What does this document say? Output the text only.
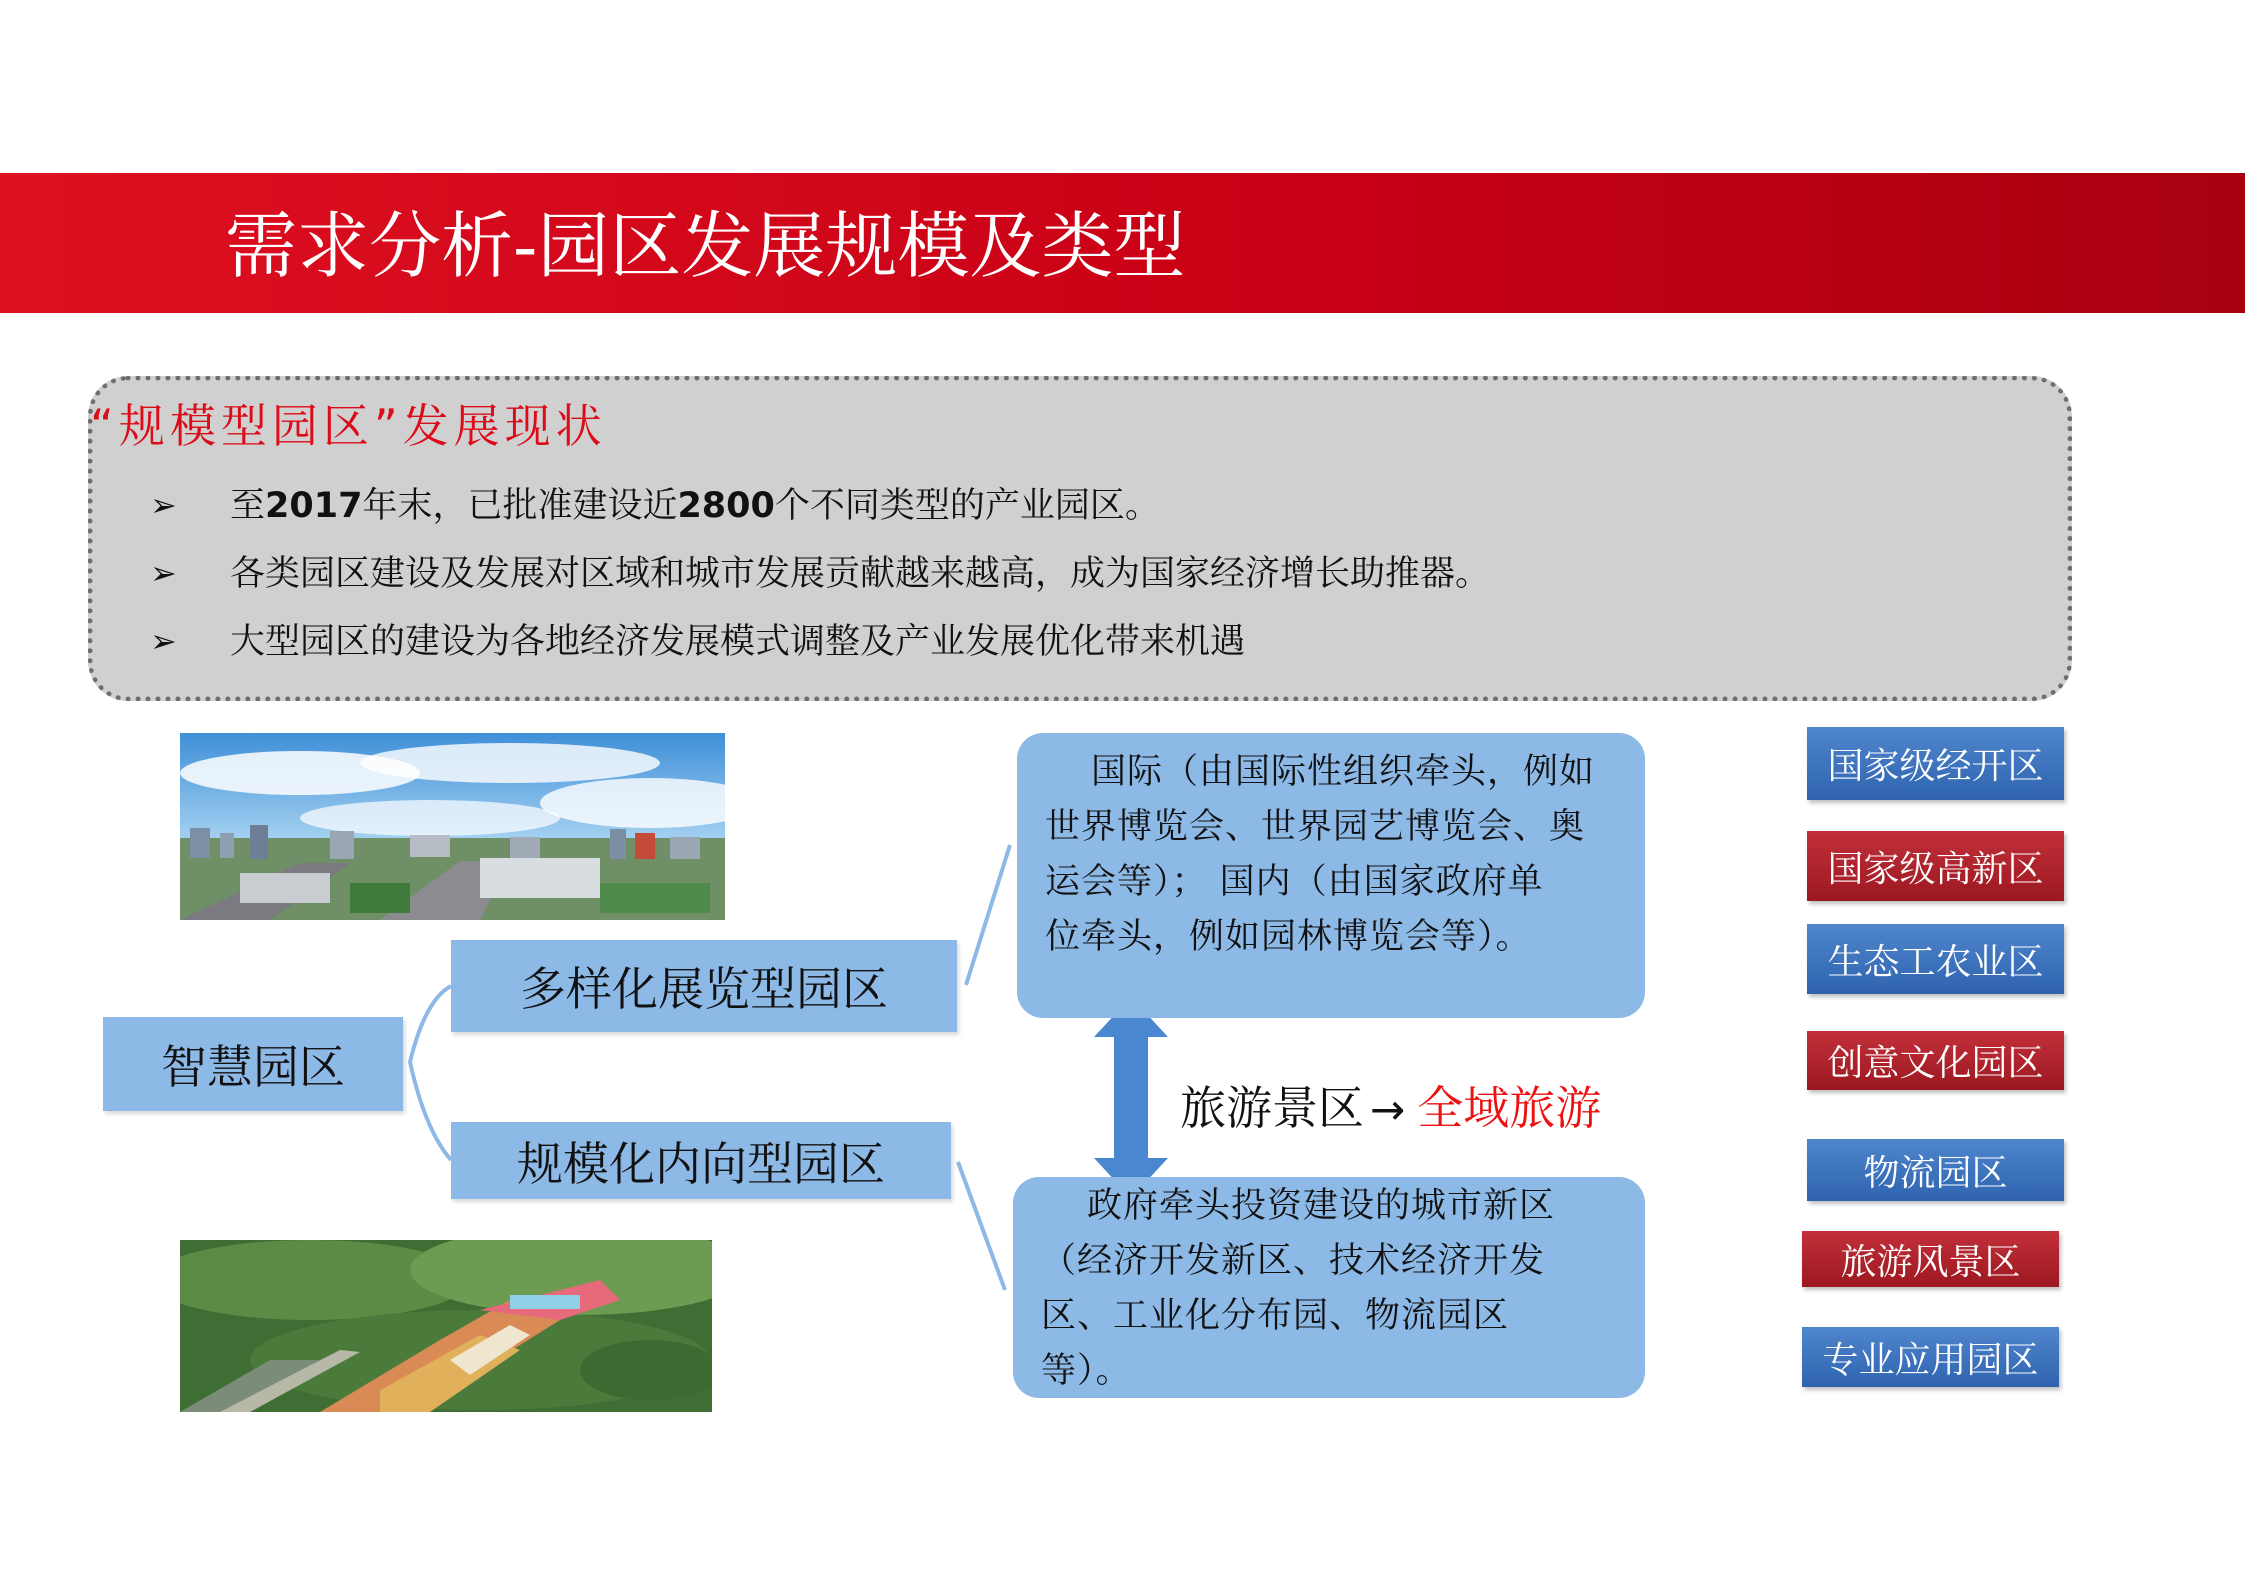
需求分析-园区发展规模及类型
“规模型园区”发展现状
➢ 至2017年末，已批准建设近2800个不同类型的产业园区。
➢ 各类园区建设及发展对区域和城市发展贡献越来越高，成为国家经济增长助推器。
➢ 大型园区的建设为各地经济发展模式调整及产业发展优化带来机遇
智慧园区
多样化展览型园区
规模化内向型园区
国际（由国际性组织牵头，例如
世界博览会、世界园艺博览会、奥
运会等）； 国内（由国家政府单
位牵头，例如园林博览会等）。
政府牵头投资建设的城市新区
（经济开发新区、技术经济开发
区、工业化分布园、物流园区
等）。
旅游景区 → 全域旅游
国家级经开区
国家级高新区
生态工农业区
创意文化园区
物流园区
旅游风景区
专业应用园区
